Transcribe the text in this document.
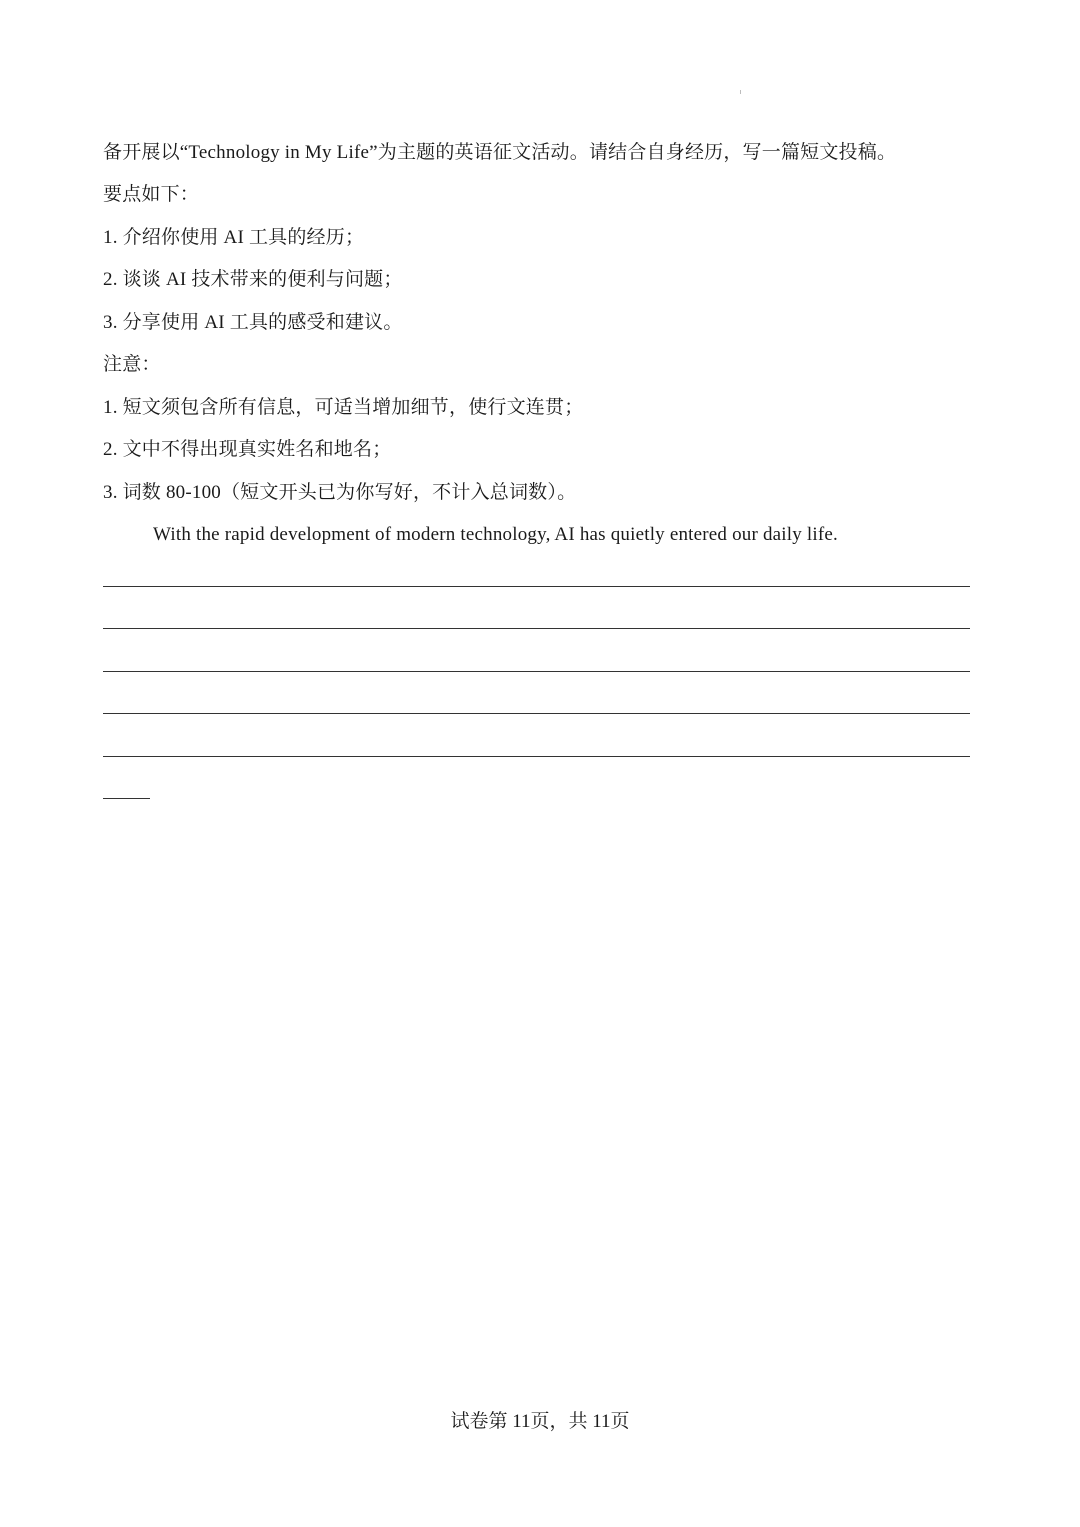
备开展以“Technology in My Life”为主题的英语征文活动。请结合自身经历，写一篇短文投稿。
要点如下：
1. 介绍你使用 AI 工具的经历；
2. 谈谈 AI 技术带来的便利与问题；
3. 分享使用 AI 工具的感受和建议。
注意：
1. 短文须包含所有信息，可适当增加细节，使行文连贯；
2. 文中不得出现真实姓名和地名；
3. 词数 80-100（短文开头已为你写好，不计入总词数）。
With the rapid development of modern technology, AI has quietly entered our daily life.
试卷第 11页，共 11页
